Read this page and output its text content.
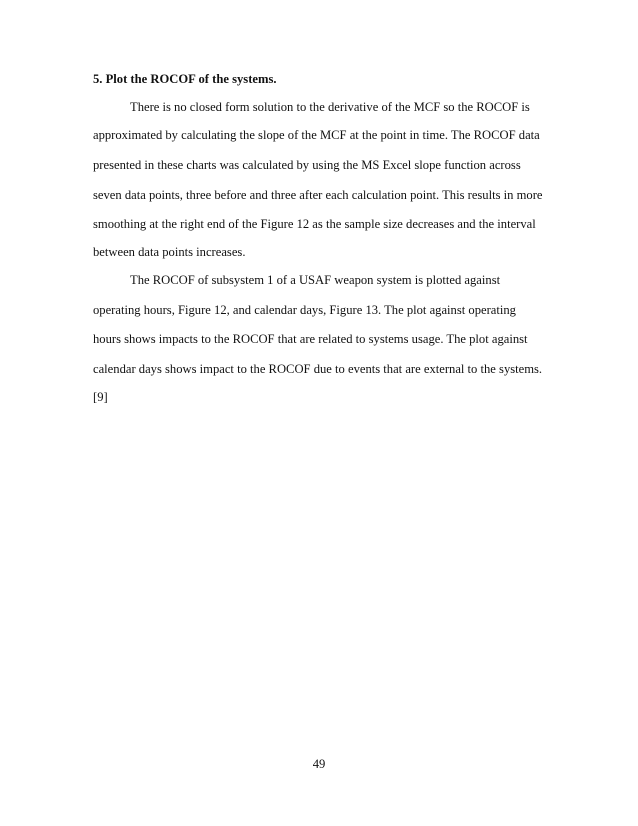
5. Plot the ROCOF of the systems.
There is no closed form solution to the derivative of the MCF so the ROCOF is
approximated by calculating the slope of the MCF at the point in time. The ROCOF data
presented in these charts was calculated by using the MS Excel slope function across
seven data points, three before and three after each calculation point. This results in more
smoothing at the right end of the Figure 12 as the sample size decreases and the interval
between data points increases.
The ROCOF of subsystem 1 of a USAF weapon system is plotted against
operating hours, Figure 12, and calendar days, Figure 13. The plot against operating
hours shows impacts to the ROCOF that are related to systems usage. The plot against
calendar days shows impact to the ROCOF due to events that are external to the systems.
[9]
49
